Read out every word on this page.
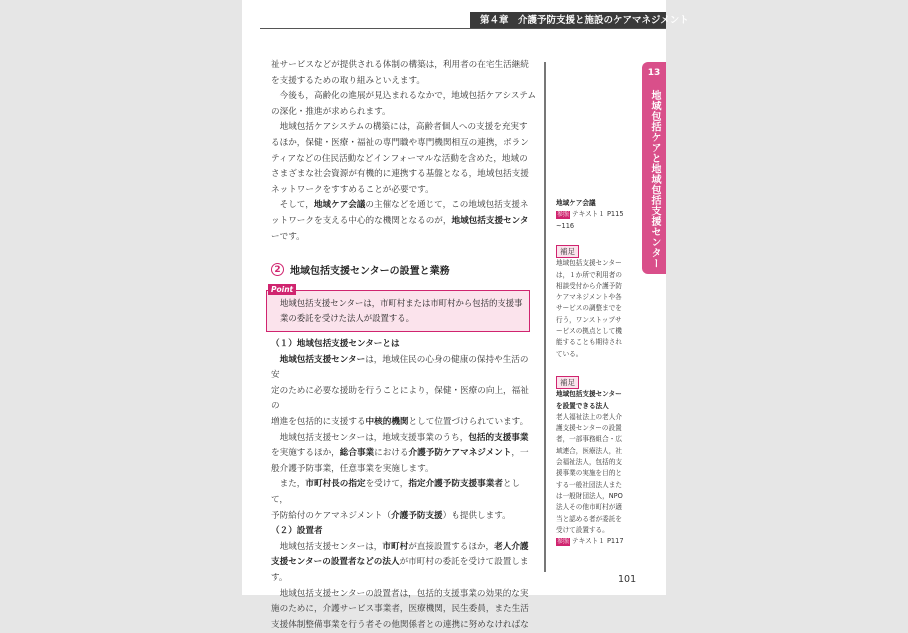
第４章　介護予防支援と施設のケアマネジメント
13
地域包括ケアと地域包括支援センター

祉サービスなどが提供される体制の構築は，利用者の在宅生活継続

を支援するための取り組みといえます。

今後も，高齢化の進展が見込まれるなかで，地域包括ケアシステム

の深化・推進が求められます。

地域包括ケアシステムの構築には，高齢者個人への支援を充実す

るほか，保健・医療・福祉の専門職や専門機関相互の連携，ボラン

ティアなどの住民活動などインフォーマルな活動を含めた，地域の

さまざまな社会資源が有機的に連携する基盤となる，地域包括支援

ネットワークをすすめることが必要です。

そして，地域ケア会議の主催などを通じて，この地域包括支援ネ

ットワークを支える中心的な機関となるのが，地域包括支援センタ

ーです。

2 地域包括支援センターの設置と業務
Point
地域包括支援センターは，市町村または市町村から包括的支援事
業の委託を受けた法人が設置する。

（１）地域包括支援センターとは

地域包括支援センターは，地域住民の心身の健康の保持や生活の安

定のために必要な援助を行うことにより，保健・医療の向上，福祉の

増進を包括的に支援する中核的機関として位置づけられています。

地域包括支援センターは，地域支援事業のうち，包括的支援事業

を実施するほか，総合事業における介護予防ケアマネジメント，一

般介護予防事業，任意事業を実施します。

また，市町村長の指定を受けて，指定介護予防支援事業者として，

予防給付のケアマネジメント（介護予防支援）も提供します。

（２）設置者

地域包括支援センターは，市町村が直接設置するほか，老人介護

支援センターの設置者などの法人が市町村の委託を受けて設置します。

地域包括支援センターの設置者は，包括的支援事業の効果的な実

施のために，介護サービス事業者，医療機関，民生委員，また生活

支援体制整備事業を行う者その他関係者との連携に努めなければな

地域ケア会議
参照 テキスト１ P115
~116
補足
地域包括支援センター
は，１か所で利用者の
相談受付から介護予防
ケアマネジメントや各
サービスの調整までを
行う，ワンストップサ
ービスの拠点として機
能することも期待され
ている。
補足
地域包括支援センター
を設置できる法人
老人福祉法上の老人介
護支援センターの設置
者，一部事務組合・広
域連合，医療法人，社
会福祉法人，包括的支
援事業の実施を目的と
する一般社団法人また
は一般財団法人，NPO
法人その他市町村が適
当と認める者が委託を
受けて設置する。
参照 テキスト１ P117
101
